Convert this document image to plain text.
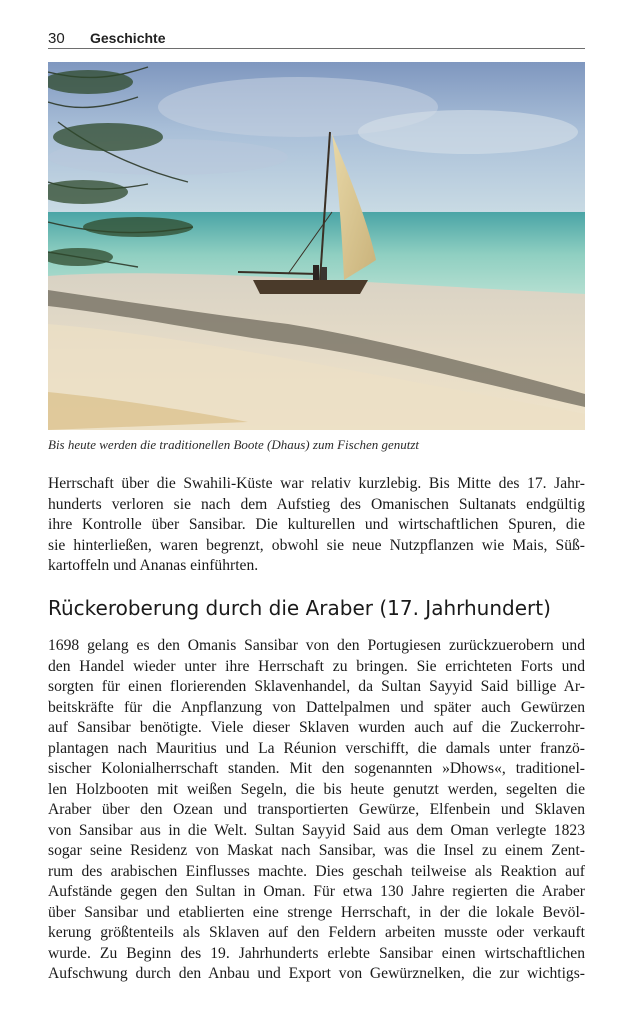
30 Geschichte
Bis heute werden die traditionellen Boote (Dhaus) zum Fischen genutzt

Herrschaft über die Swahili-Küste war relativ kurzlebig. Bis Mitte des 17. Jahr-
hunderts verloren sie nach dem Aufstieg des Omanischen Sultanats endgültig
ihre Kontrolle über Sansibar. Die kulturellen und wirtschaftlichen Spuren, die
sie hinterließen, waren begrenzt, obwohl sie neue Nutzpflanzen wie Mais, Süß-
kartoffeln und Ananas einführten.

Rückeroberung durch die Araber (17. Jahrhundert)

1698 gelang es den Omanis Sansibar von den Portugiesen zurückzuerobern und
den Handel wieder unter ihre Herrschaft zu bringen. Sie errichteten Forts und
sorgten für einen florierenden Sklavenhandel, da Sultan Sayyid Said billige Ar-
beitskräfte für die Anpflanzung von Dattelpalmen und später auch Gewürzen
auf Sansibar benötigte. Viele dieser Sklaven wurden auch auf die Zuckerrohr-
plantagen nach Mauritius und La Réunion verschifft, die damals unter franzö-
sischer Kolonialherrschaft standen. Mit den sogenannten »Dhows«, traditionel-
len Holzbooten mit weißen Segeln, die bis heute genutzt werden, segelten die
Araber über den Ozean und transportierten Gewürze, Elfenbein und Sklaven
von Sansibar aus in die Welt. Sultan Sayyid Said aus dem Oman verlegte 1823
sogar seine Residenz von Maskat nach Sansibar, was die Insel zu einem Zent-
rum des arabischen Einflusses machte. Dies geschah teilweise als Reaktion auf
Aufstände gegen den Sultan in Oman. Für etwa 130 Jahre regierten die Araber
über Sansibar und etablierten eine strenge Herrschaft, in der die lokale Bevöl-
kerung größtenteils als Sklaven auf den Feldern arbeiten musste oder verkauft
wurde. Zu Beginn des 19. Jahrhunderts erlebte Sansibar einen wirtschaftlichen
Aufschwung durch den Anbau und Export von Gewürznelken, die zur wichtigs-
